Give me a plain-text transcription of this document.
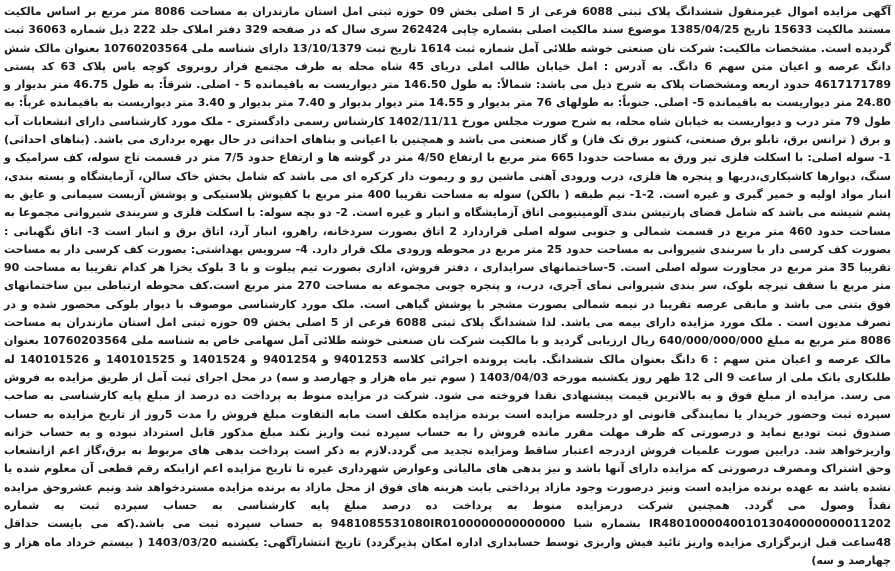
آگهی مزایده اموال غیرمنقول ششدانگ پلاک ثبتی 6088 فرعی از 5 اصلی بخش 09 حوزه ثبتی امل استان مازندران به مساحت 8086 متر مربع بر اساس مالکیت مستند مالکیت 15633 تاریخ 1385/04/25 موضوع سند مالکیت اصلی بشماره چاپی 262424 سری سال که در صفحه 329 دفتر املاک جلد 222 ذیل شماره 36063 ثبت گردیده است. مشخصات مالکیت: شرکت نان صنعتی خوشه طلائی آمل شماره ثبت 1614 تاریخ ثبت 13/10/1379 دارای شناسه ملی 10760203564 بعنوان مالک شش دانگ عرصه و اعیان متن سهم 6 دانگ. به آدرس : امل خیابان طالب املی دریای 45 شاه محله به طرف مجتمع فراز روبروی کوچه یاس پلاک 63 کد پستی 4617171789 حدود اربعه ومشخصات پلاک به شرح ذیل می باشد: شمالاً: به طول 146.50 متر دیواریست به باقیمانده 5 - اصلی. شرقاً: به طول 46.75 متر بدیوار و 24.80 متر دیواریست به باقیمانده 5- اصلی. جنوباً: به طولهای 76 متر بدیوار و 14.55 متر دیوار بدیوار و 7.40 متر بدیوار و 3.40 متر دیواریست به باقیمانده غرباً: به طول 79 متر درب و دیواریست به خیابان شاه محله، به شرح صورت مجلس مورخ 1402/11/11 کارشناس رسمی دادگستری - ملک مورد کارشناسی دارای انشعابات آب و برق ( ترانس برق، تابلو برق صنعتی، کنتور برق تک فاز) و گاز صنعتی می باشد و همچنین با اعیانی و بناهای احداثی در حال بهره برداری می باشد. (بناهای احداثی) 1- سوله اصلی: با اسکلت فلزی تیر ورق به مساحت حدودا 665 متر مربع با ارتفاع 4/50 متر در گوشه ها و ارتفاع حدود 7/5 متر در قسمت تاج سوله، کف سرامیک و سنگ، دیوارها کاشیکاری،دربها و پنجره ها فلزی، درب ورودی آهنی ماشین رو و ریموت دار کرکره ای می باشد که شامل بخش خاک سالن، آزمایشگاه و بسته بندی، انبار مواد اولیه و خمیر گیری و غیره است. 2-1- نیم طبقه ( بالکن) سوله به مساحت تقریبا 400 متر مربع با کفپوش پلاستیکی و پوشش آزبست سیمانی و عایق به پشم شیشه می باشد که شامل فضای پارتیشن بندی آلومینیومی اتاق آزمایشگاه و انبار و غیره است. 2- دو بچه سوله: با اسکلت فلزی و سربندی شیروانی مجموعا به مساحت حدود 460 متر مربع در قسمت شمالی و جنوبی سوله اصلی قراردارد 2 اتاق بصورت سردخانه، راهرو، انبار آرد، اتاق برق و انبار است 3- اتاق نگهبانی : بصورت کف کرسی دار با سربندی شیروانی به مساحت حدود 25 متر مربع در محوطه ورودی ملک قرار دارد. 4- سرویس بهداشتی: بصورت کف کرسی دار به مساحت تقریبا 35 متر مربع در مجاورت سوله اصلی است. 5-ساختمانهای سرایداری ، دفتر فروش، اداری بصورت تیم پیلوت و با 3 بلوک یخزا هر کدام تقریبا به مساحت 90 متر مربع با سقف تیرچه بلوک، سر بندی شیروانی نمای آجری، درب، و پنجره چوبی مجموعه به مساحت 270 متر مربع است.کف محوطه ارتباطی بین ساختمانهای فوق بتنی می باشد و مابقی عرصه تقریبا در نیمه شمالی بصورت مشجر با پوشش گیاهی است. ملک مورد کارشناسی موصوف با دیوار بلوکی محصور شده و در تصرف مدیون است . ملک مورد مزایده دارای بیمه می باشد. لذا ششدانگ پلاک ثبتی 6088 فرعی از 5 اصلی بخش 09 حوزه ثبتی امل استان مازندران به مساحت 8086 متر مربع به مبلغ 640/000/000/000 ریال ارزیابی گردید و با مالکیت شرکت نان صنعتی خوشه طلائی آمل سهامی خاص به شناسه ملی 10760203564 بعنوان مالک عرصه و اعیان متن سهم : 6 دانگ بعنوان مالک ششدانگ. بابت پرونده اجرائی کلاسه 9401253 و 9401254 و 1401524 و 140101525 و 140101526 له طلبکاری بانک ملی از ساعت 9 الی 12 ظهر روز یکشنبه مورخه 1403/04/03 ( سوم تیر ماه هزار و چهارصد و سه) در محل اجرای ثبت آمل از طریق مزایده به فروش می رسد. مزایده از مبلغ فوق و به بالاترین قیمت پیشنهادی نقدا فروخته می شود. شرکت در مزایده منوط به پرداخت ده درصد از مبلغ پایه کارشناسی به صاحب سپرده ثبت وحضور خریدار یا نمایندگی قانونی او درجلسه مزایده است برنده مزایده مکلف است مابه التفاوت مبلغ فروش را مدت 5روز از تاریخ مزایده به حساب صندوق ثبت تودیع نماید و درصورتی که ظرف مهلت مقرر مانده فروش را به حساب سپرده ثبت واریز نکند مبلغ مذکور قابل استرداد نبوده و به حساب خزانه واریزخواهد شد. درایین صورت علمیات فروش ازدرجه اعتبار ساقط ومزایده تجدید می گردد.لازم به ذکر است پرداخت بدهی های مربوط به برق،گاز اعم ازانشعاب وحق اشتراک ومصرف درصورتی که مزایده دارای آنها باشد و نیز بدهی های مالیاتی وعوارض شهرداری غیره تا تاریخ مزایده اعم ازاینکه رقم قطعی آن معلوم شده یا نشده باشد به عهده برنده مزایده است ونیز درصورت وجود مازاد پرداختی بابت هزینه های فوق از محل مازاد به برنده مزایده مستردخواهد شد ونیم عشروحق مزایده نقداً وصول می گردد. همچنین شرکت درمزایده منوط به پرداخت ده درصد مبلغ پایه کارشناسی به حساب سپرده ثبت به شماره IR480100004001013040000000011202 بشماره شبا 9481085531080IR0100000000000000 به حساب سپرده ثبت می باشد.(که می بایست حداقل 48ساعت قبل ازبرگزاری مزایده واریز تائید فیش واریزی توسط حسابداری اداره امکان پذیرگردد) تاریخ انتشارآگهی: یکشنبه 1403/03/20 ( بیستم خرداد ماه هزار و چهارصد و سه)
